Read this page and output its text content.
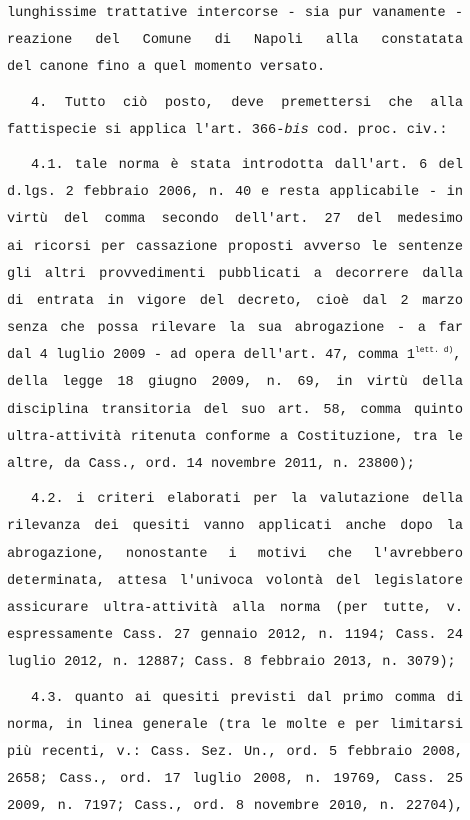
lunghissime trattative intercorse - sia pur vanamente -
reazione del Comune di Napoli alla constatata
del canone fino a quel momento versato.
4. Tutto ciò posto, deve premettersi che alla
fattispecie si applica l'art. 366-bis cod. proc. civ.:
4.1. tale norma è stata introdotta dall'art. 6 del
d.lgs. 2 febbraio 2006, n. 40 e resta applicabile - in
virtù del comma secondo dell'art. 27 del medesimo
ai ricorsi per cassazione proposti avverso le sentenze
gli altri provvedimenti pubblicati a decorrere dalla
di entrata in vigore del decreto, cioè dal 2 marzo
senza che possa rilevare la sua abrogazione - a far
dal 4 luglio 2009 - ad opera dell'art. 47, comma $1^{lett. d)}$,
della legge 18 giugno 2009, n. 69, in virtù della
disciplina transitoria del suo art. 58, comma quinto
ultra-attività ritenuta conforme a Costituzione, tra le
altre, da Cass., ord. 14 novembre 2011, n. 23800);
4.2. i criteri elaborati per la valutazione della
rilevanza dei quesiti vanno applicati anche dopo la
abrogazione, nonostante i motivi che l'avrebbero
determinata, attesa l'univoca volontà del legislatore
assicurare ultra-attività alla norma (per tutte, v.
espressamente Cass. 27 gennaio 2012, n. 1194; Cass. 24
luglio 2012, n. 12887; Cass. 8 febbraio 2013, n. 3079);
4.3. quanto ai quesiti previsti dal primo comma di
norma, in linea generale (tra le molte e per limitarsi
più recenti, v.: Cass. Sez. Un., ord. 5 febbraio 2008,
2658; Cass., ord. 17 luglio 2008, n. 19769, Cass. 25
2009, n. 7197; Cass., ord. 8 novembre 2010, n. 22704),
